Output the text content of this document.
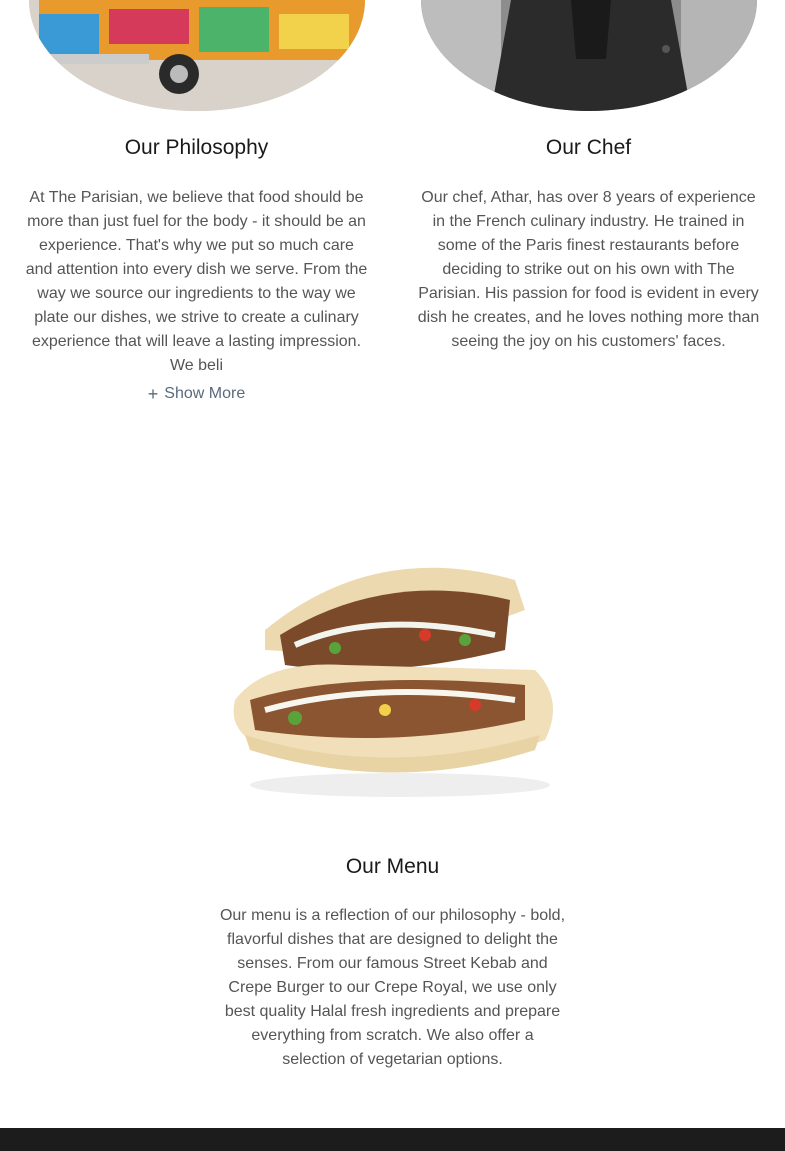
Our Philosophy

At The Parisian, we believe that food should be more than just fuel for the body - it should be an experience. That's why we put so much care and attention into every dish we serve. From the way we source our ingredients to the way we plate our dishes, we strive to create a culinary experience that will leave a lasting impression. We beli

+ Show More
Our Chef

Our chef, Athar, has over 8 years of experience in the French culinary industry. He trained in some of the Paris finest restaurants before deciding to strike out on his own with The Parisian. His passion for food is evident in every dish he creates, and he loves nothing more than seeing the joy on his customers' faces.

Our Menu

Our menu is a reflection of our philosophy - bold, flavorful dishes that are designed to delight the senses. From our famous Street Kebab and Crepe Burger to our Crepe Royal, we use only best quality Halal fresh ingredients and prepare everything from scratch. We also offer a selection of vegetarian options.
